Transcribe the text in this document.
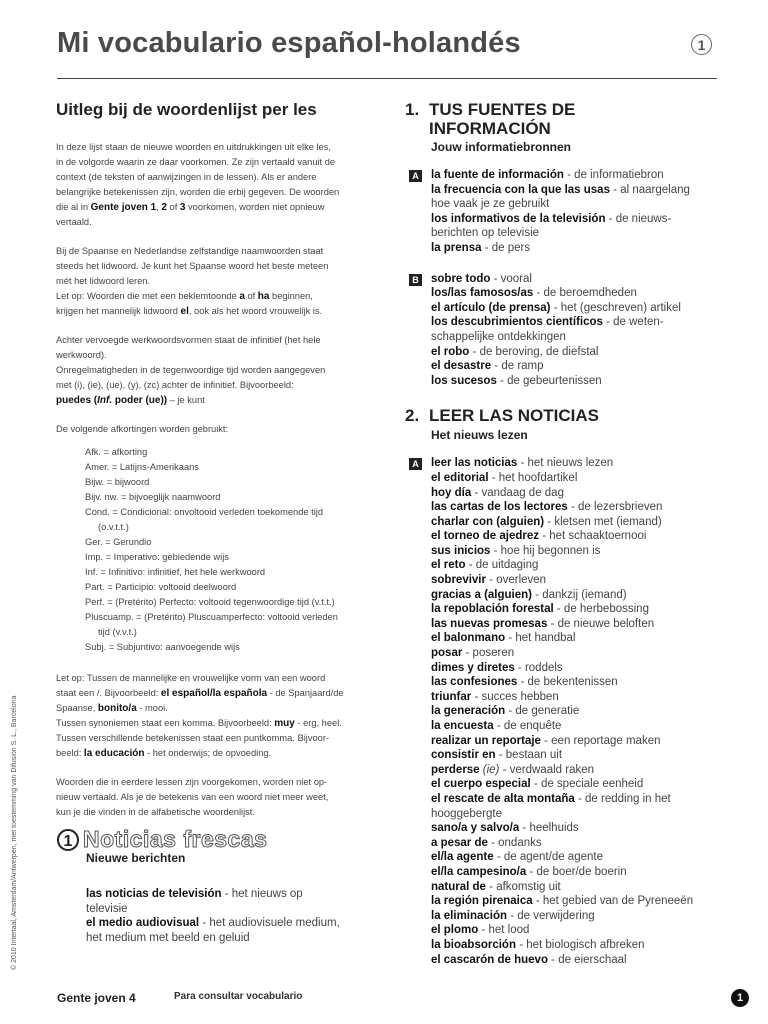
Mi vocabulario español-holandés	1
Uitleg bij de woordenlijst per les

In deze lijst staan de nieuwe woorden en uitdrukkingen uit elke les,

in de volgorde waarin ze daar voorkomen. Ze zijn vertaald vanuit de

context (de teksten of aanwijzingen in de lessen). Als er andere

belangrijke betekenissen zijn, worden die erbij gegeven. De woorden

die al in Gente joven 1, 2 of 3 voorkomen, worden niet opnieuw

vertaald.

Bij de Spaanse en Nederlandse zelfstandige naamwoorden staat

steeds het lidwoord. Je kunt het Spaanse woord het beste meteen

mét het lidwoord leren.

Let op: Woorden die met een beklemtoonde a of ha beginnen,

krijgen het mannelijk lidwoord el, ook als het woord vrouwelijk is.

Achter vervoegde werkwoordsvormen staat de infinitief (het hele

werkwoord).

Onregelmatigheden in de tegenwoordige tijd worden aangegeven

met (i), (ie), (ue), (y), (zc) achter de infinitief. Bijvoorbeeld:

puedes (Inf. poder (ue)) – je kunt

De volgende afkortingen worden gebruikt:

Afk. = afkorting
Amer. = Latijns-Amerikaans
Bijw. = bijwoord
Bijv. nw. = bijvoeglijk naamwoord
Cond. = Condicional: onvoltooid verleden toekomende tijd
(o.v.t.t.)
Ger. = Gerundio
Imp. = Imperativo: gebiedende wijs
Inf. = Infinitivo: infinitief, het hele werkwoord
Part. = Participio: voltooid deelwoord
Perf. = (Pretérito) Perfecto: voltooid tegenwoordige tijd (v.t.t.)
Pluscuamp. = (Pretérito) Pluscuamperfecto: voltooid verleden
tijd (v.v.t.)
Subj. = Subjuntivo: aanvoegende wijs

Let op: Tussen de mannelijke en vrouwelijke vorm van een woord

staat een /. Bijvoorbeeld: el español/la española - de Spanjaard/de

Spaanse, bonito/a - mooi.

Tussen synoniemen staat een komma. Bijvoorbeeld: muy - erg, heel.

Tussen verschillende betekenissen staat een puntkomma. Bijvoor-

beeld: la educación - het onderwijs; de opvoeding.

Woorden die in eerdere lessen zijn voorgekomen, worden niet op-

nieuw vertaald. Als je de betekenis van een woord niet meer weet,

kun je die vinden in de alfabetische woordenlijst.

1 Noticias frescas
Nieuwe berichten
las noticias de televisión - het nieuws op
televisie
el medio audiovisual - het audiovisuele medium,
het medium met beeld en geluid
1. TUS FUENTES DE
INFORMACIÓN
Jouw informatiebronnen
A la fuente de información - de informatiebron
la frecuencia con la que las usas - al naargelang
hoe vaak je ze gebruikt
los informativos de la televisión - de nieuws-
berichten op televisie
la prensa - de pers
B sobre todo - vooral
los/las famosos/as - de beroemdheden
el artículo (de prensa) - het (geschreven) artikel
los descubrimientos científicos - de weten-
schappelijke ontdekkingen
el robo - de beroving, de diefstal
el desastre - de ramp
los sucesos - de gebeurtenissen
2. LEER LAS NOTICIAS
Het nieuws lezen
A leer las noticias - het nieuws lezen
el editorial - het hoofdartikel
hoy día - vandaag de dag
las cartas de los lectores - de lezersbrieven
charlar con (alguien) - kletsen met (iemand)
el torneo de ajedrez - het schaaktoernooi
sus inicios - hoe hij begonnen is
el reto - de uitdaging
sobrevivir - overleven
gracias a (alguien) - dankzij (iemand)
la repoblación forestal - de herbebossing
las nuevas promesas - de nieuwe beloften
el balonmano - het handbal
posar - poseren
dimes y diretes - roddels
las confesiones - de bekentenissen
triunfar - succes hebben
la generación - de generatie
la encuesta - de enquête
realizar un reportaje - een reportage maken
consistir en - bestaan uit
perderse (ie) - verdwaald raken
el cuerpo especial - de speciale eenheid
el rescate de alta montaña - de redding in het
hooggebergte
sano/a y salvo/a - heelhuids
a pesar de - ondanks
el/la agente - de agent/de agente
el/la campesino/a - de boer/de boerin
natural de - afkomstig uit
la región pirenaica - het gebied van de Pyreneeën
la eliminación - de verwijdering
el plomo - het lood
la bioabsorción - het biologisch afbreken
el cascarón de huevo - de eierschaal
© 2010 Intertaal, Amsterdam/Antwerpen, met toestemming van Difusión S. L., Barcelona
Gente joven 4	Para consultar vocabulario	1
